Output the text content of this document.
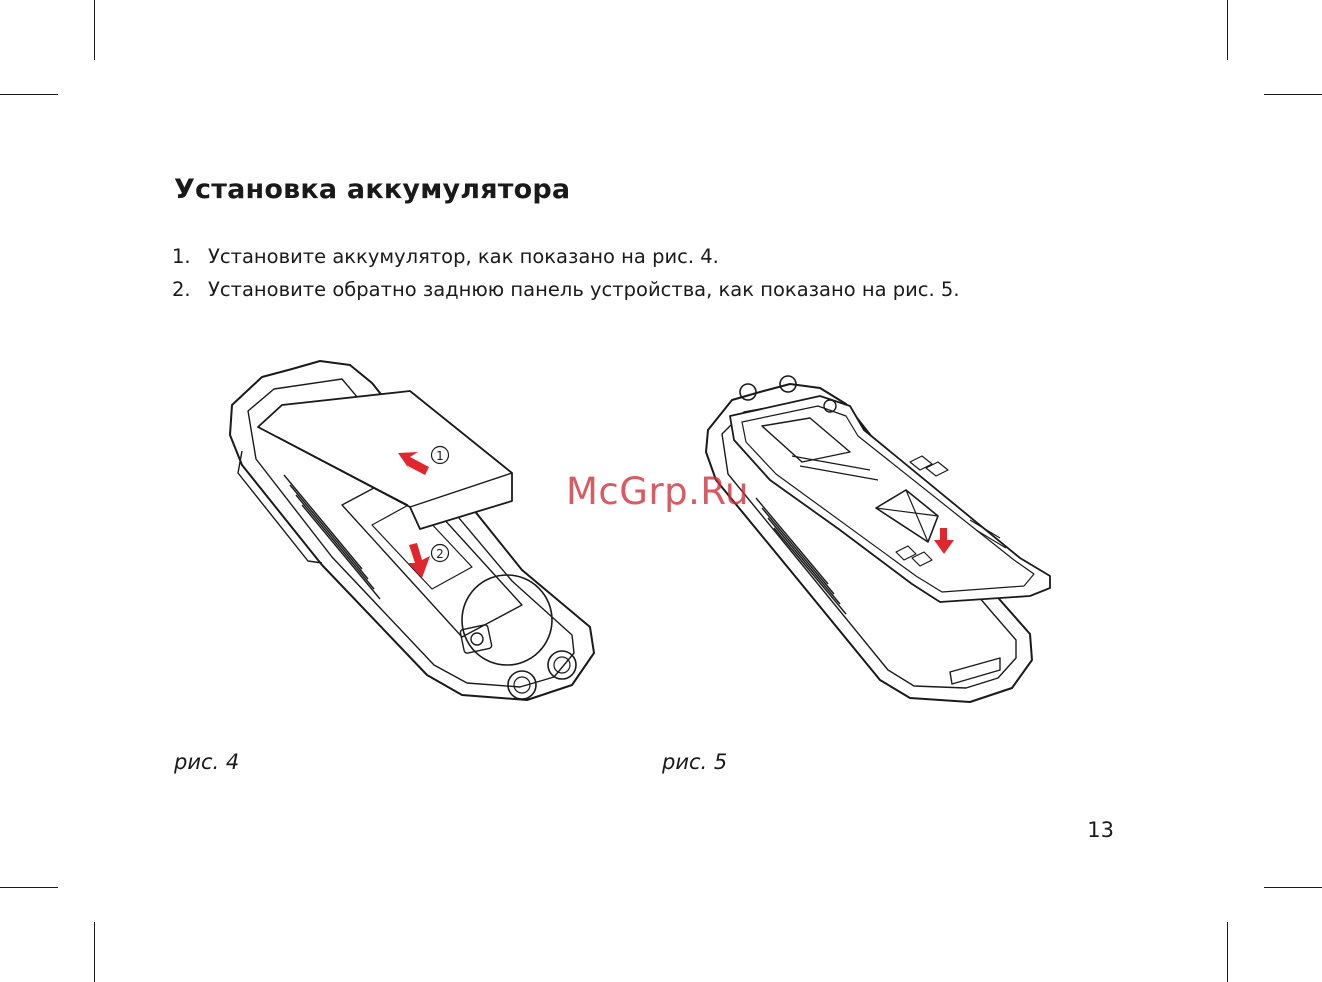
Установка аккумулятора
1. Установите аккумулятор, как показано на рис. 4.
2. Установите обратно заднюю панель устройства, как показано на рис. 5.
1
2
McGrp.Ru
рис. 4	рис. 5
13
